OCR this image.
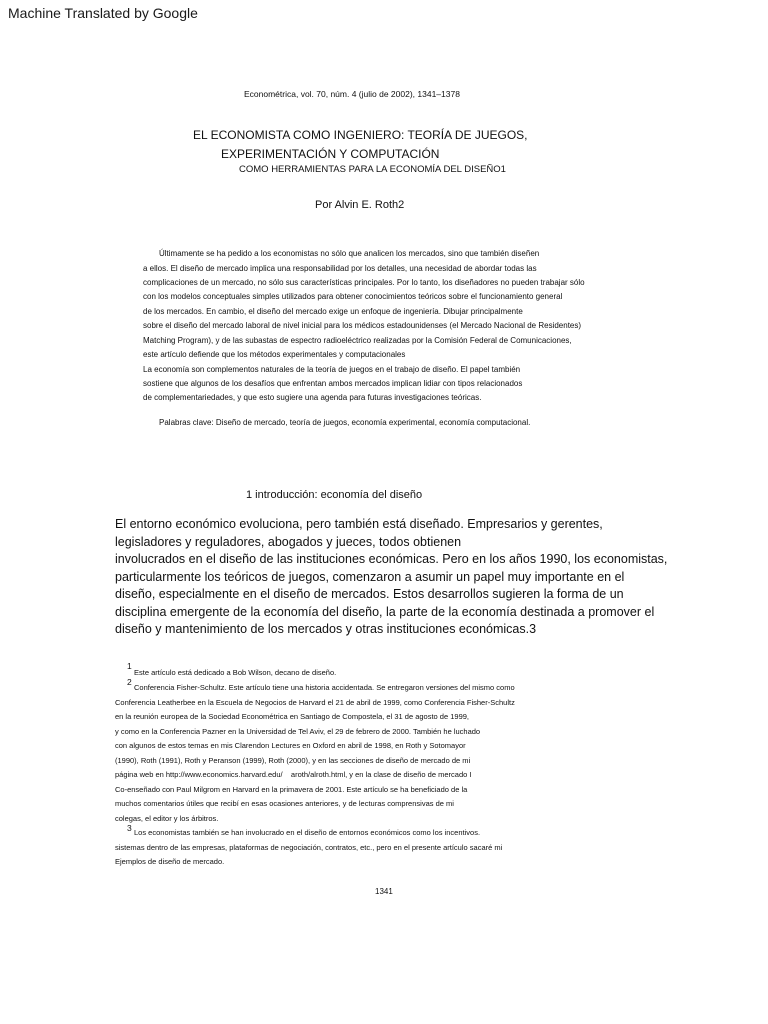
Machine Translated by Google
Econométrica, vol. 70, núm. 4 (julio de 2002), 1341–1378
EL ECONOMISTA COMO INGENIERO: TEORÍA DE JUEGOS,
EXPERIMENTACIÓN Y COMPUTACIÓN
COMO HERRAMIENTAS PARA LA ECONOMÍA DEL DISEÑO1
Por Alvin E. Roth2
Últimamente se ha pedido a los economistas no sólo que analicen los mercados, sino que también diseñen
a ellos. El diseño de mercado implica una responsabilidad por los detalles, una necesidad de abordar todas las
complicaciones de un mercado, no sólo sus características principales. Por lo tanto, los diseñadores no pueden trabajar sólo
con los modelos conceptuales simples utilizados para obtener conocimientos teóricos sobre el funcionamiento general
de los mercados. En cambio, el diseño del mercado exige un enfoque de ingeniería. Dibujar principalmente
sobre el diseño del mercado laboral de nivel inicial para los médicos estadounidenses (el Mercado Nacional de Residentes)
Matching Program), y de las subastas de espectro radioeléctrico realizadas por la Comisión Federal de Comunicaciones,
este artículo defiende que los métodos experimentales y computacionales
La economía son complementos naturales de la teoría de juegos en el trabajo de diseño. El papel también
sostiene que algunos de los desafíos que enfrentan ambos mercados implican lidiar con tipos relacionados
de complementariedades, y que esto sugiere una agenda para futuras investigaciones teóricas.
Palabras clave: Diseño de mercado, teoría de juegos, economía experimental, economía computacional.
1 introducción: economía del diseño
El entorno económico evoluciona, pero también está diseñado. Empresarios y gerentes,
legisladores y reguladores, abogados y jueces, todos obtienen
involucrados en el diseño de las instituciones económicas. Pero en los años 1990, los economistas,
particularmente los teóricos de juegos, comenzaron a asumir un papel muy importante en el
diseño, especialmente en el diseño de mercados. Estos desarrollos sugieren la forma de un
disciplina emergente de la economía del diseño, la parte de la economía destinada a promover el
diseño y mantenimiento de los mercados y otras instituciones económicas.3
1
Este artículo está dedicado a Bob Wilson, decano de diseño.
2
Conferencia Fisher-Schultz. Este artículo tiene una historia accidentada. Se entregaron versiones del mismo como
Conferencia Leatherbee en la Escuela de Negocios de Harvard el 21 de abril de 1999, como Conferencia Fisher-Schultz
en la reunión europea de la Sociedad Econométrica en Santiago de Compostela, el 31 de agosto de 1999,
y como en la Conferencia Pazner en la Universidad de Tel Aviv, el 29 de febrero de 2000. También he luchado
con algunos de estos temas en mis Clarendon Lectures en Oxford en abril de 1998, en Roth y Sotomayor
(1990), Roth (1991), Roth y Peranson (1999), Roth (2000), y en las secciones de diseño de mercado de mi
página web en http://www.economics.harvard.edu/    aroth/alroth.html, y en la clase de diseño de mercado I
Co-enseñado con Paul Milgrom en Harvard en la primavera de 2001. Este artículo se ha beneficiado de la
muchos comentarios útiles que recibí en esas ocasiones anteriores, y de lecturas comprensivas de mi
colegas, el editor y los árbitros.
3 Los economistas también se han involucrado en el diseño de entornos económicos como los incentivos.
sistemas dentro de las empresas, plataformas de negociación, contratos, etc., pero en el presente artículo sacaré mi
Ejemplos de diseño de mercado.
1341
